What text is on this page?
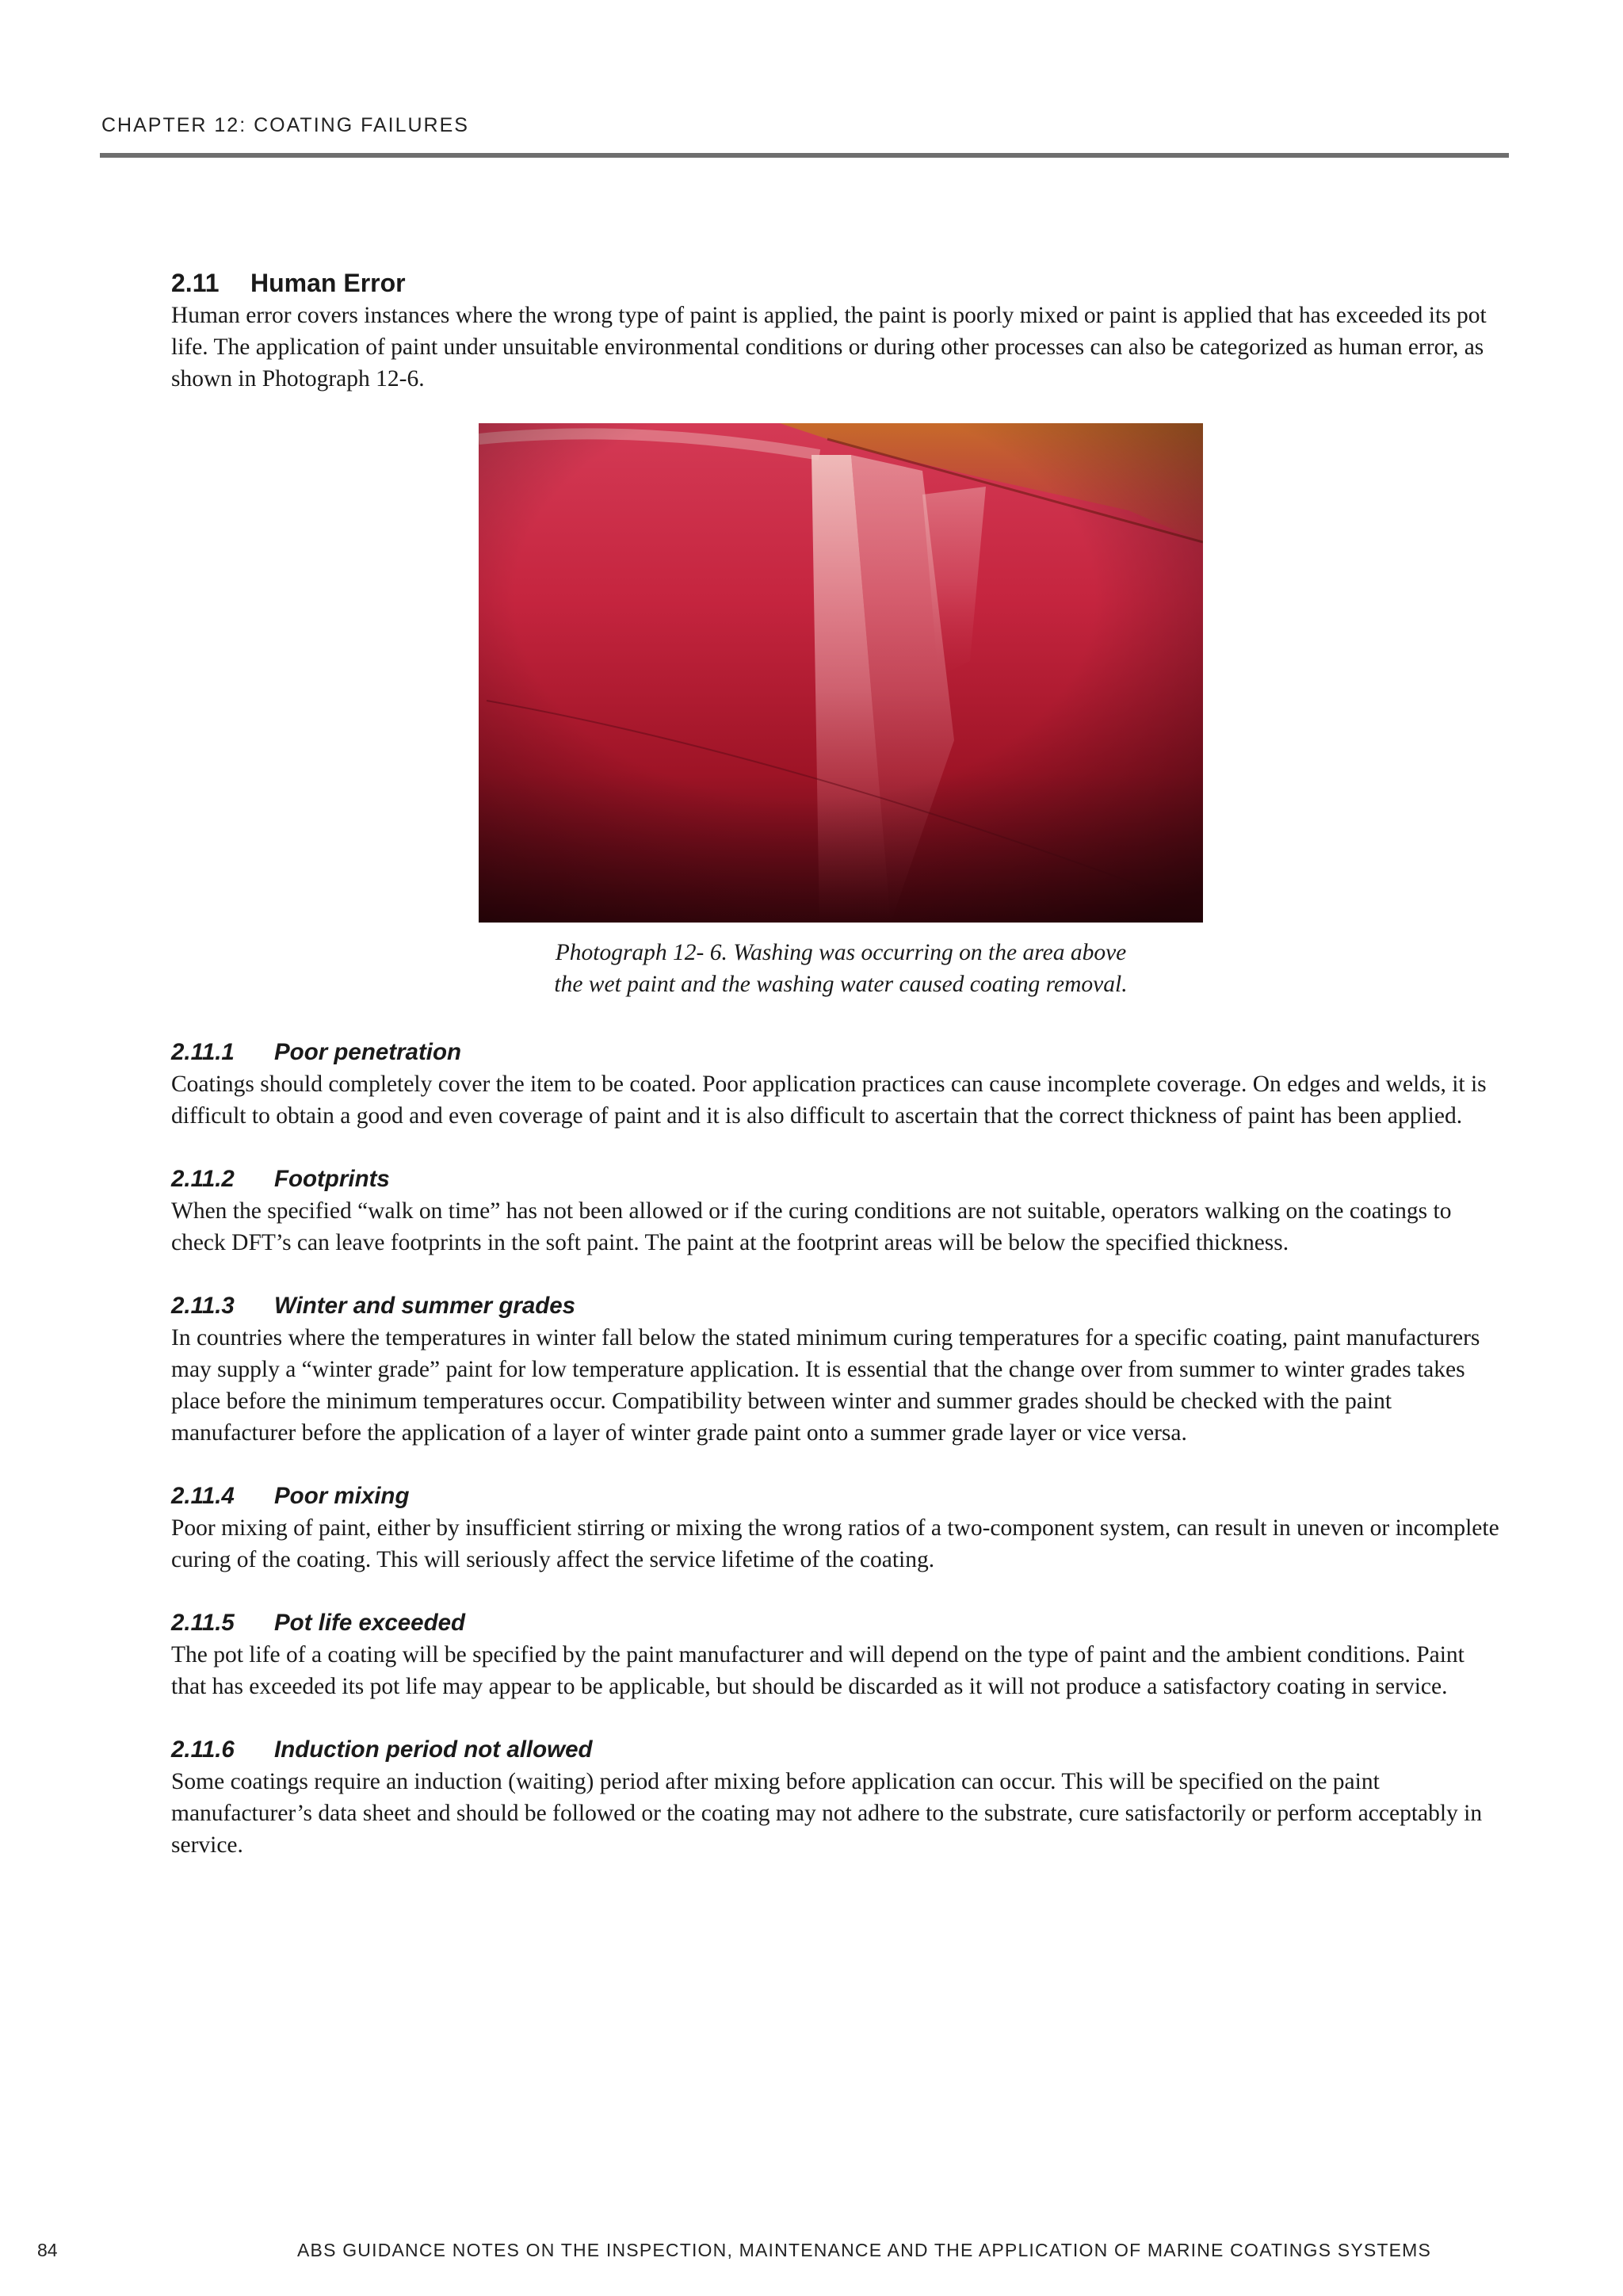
CHAPTER 12: COATING FAILURES
2.11 Human Error

Human error covers instances where the wrong type of paint is applied, the paint is poorly mixed or paint is applied that has exceeded its pot life. The application of paint under unsuitable environmental conditions or during other processes can also be categorized as human error, as shown in Photograph 12-6.

Photograph 12- 6. Washing was occurring on the area above
the wet paint and the washing water caused coating removal.
2.11.1 Poor penetration

Coatings should completely cover the item to be coated. Poor application practices can cause incomplete coverage. On edges and welds, it is difficult to obtain a good and even coverage of paint and it is also difficult to ascertain that the correct thickness of paint has been applied.

2.11.2 Footprints

When the specified “walk on time” has not been allowed or if the curing conditions are not suitable, operators walking on the coatings to check DFT’s can leave footprints in the soft paint. The paint at the footprint areas will be below the specified thickness.

2.11.3 Winter and summer grades

In countries where the temperatures in winter fall below the stated minimum curing temperatures for a specific coating, paint manufacturers may supply a “winter grade” paint for low temperature application. It is essential that the change over from summer to winter grades takes place before the minimum temperatures occur. Compatibility between winter and summer grades should be checked with the paint manufacturer before the application of a layer of winter grade paint onto a summer grade layer or vice versa.

2.11.4 Poor mixing

Poor mixing of paint, either by insufficient stirring or mixing the wrong ratios of a two-component system, can result in uneven or incomplete curing of the coating. This will seriously affect the service lifetime of the coating.

2.11.5 Pot life exceeded

The pot life of a coating will be specified by the paint manufacturer and will depend on the type of paint and the ambient conditions. Paint that has exceeded its pot life may appear to be applicable, but should be discarded as it will not produce a satisfactory coating in service.

2.11.6 Induction period not allowed

Some coatings require an induction (waiting) period after mixing before application can occur. This will be specified on the paint manufacturer’s data sheet and should be followed or the coating may not adhere to the substrate, cure satisfactorily or perform acceptably in service.

84	ABS GUIDANCE NOTES ON THE INSPECTION, MAINTENANCE AND THE APPLICATION OF MARINE COATINGS SYSTEMS
